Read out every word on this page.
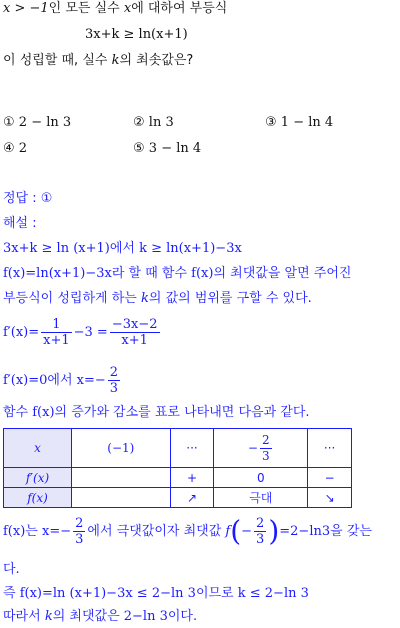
x > −1인 모든 실수 x에 대하여 부등식
3x+k ≥ ln(x+1)
이 성립할 때, 실수 k의 최솟값은?
① 2 − ln 3	② ln 3	③ 1 − ln 4
④ 2	⑤ 3 − ln 4
정답 : ①
해설 :
3x+k ≥ ln (x+1)에서 k ≥ ln(x+1)−3x
f(x)=ln(x+1)−3x라 할 때 함수 f(x)의 최댓값을 알면 주어진
부등식이 성립하게 하는 k의 값의 범위를 구할 수 있다.
$f'(x)= \frac{1}{x+1} -3 = \frac{-3x-2}{x+1}$
f′(x)=0에서 $x=- \frac{2}{3}$
함수 f(x)의 증가와 감소를 표로 나타내면 다음과 같다.
x	(−1)	···	− $\frac{2}{3}$	···
f′(x)		+	0	−
f(x)		↗	극대	↘
f(x)는 $x=- \frac{2}{3}$ 에서 극댓값이자 최댓값 $f(- \frac{2}{3} )=2-\ln 3$을 갖는
다.
즉 f(x)=ln (x+1)−3x ≤ 2−ln 3이므로 k ≤ 2−ln 3
따라서 k의 최댓값은 2−ln 3이다.
